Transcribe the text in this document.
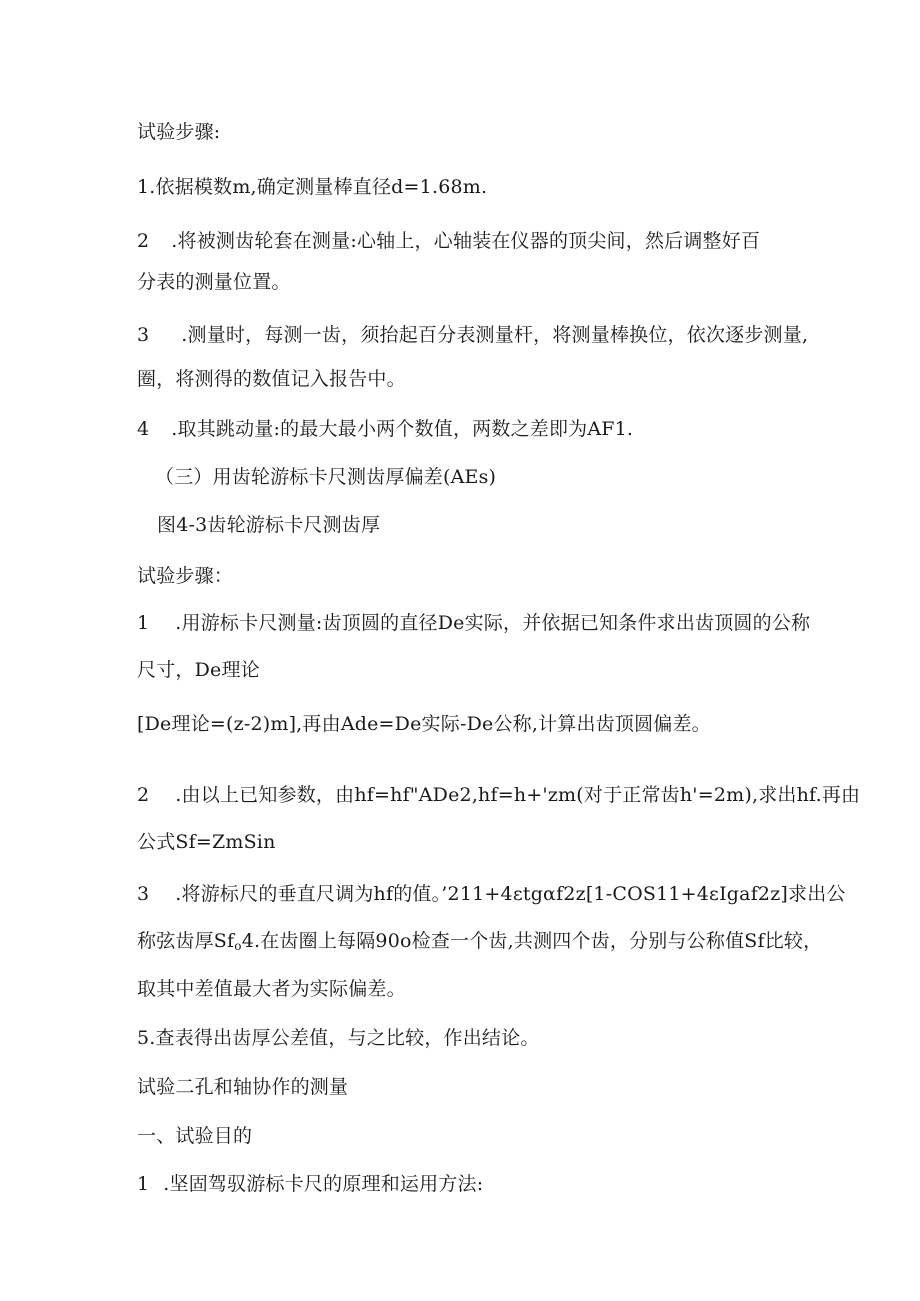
试验步骤:
1.依据模数m,确定测量棒直径d=1.68m.
2 .将被测齿轮套在测量:心轴上，心轴装在仪器的顶尖间，然后调整好百
分表的测量位置。
3 .测量时，每测一齿，须抬起百分表测量杆，将测量棒换位，依次逐步测量,
圈，将测得的数值记入报告中。
4 .取其跳动量:的最大最小两个数值，两数之差即为AF1.
（三）用齿轮游标卡尺测齿厚偏差(AEs)
图4-3齿轮游标卡尺测齿厚
试验步骤：
1 .用游标卡尺测量:齿顶圆的直径De实际，并依据已知条件求出齿顶圆的公称
尺寸，De理论
[De理论=(z-2)m],再由Ade=De实际-De公称,计算出齿顶圆偏差。
2 .由以上已知参数，由hf=hf"ADe2,hf=h+'zm(对于正常齿h'=2m),求出hf.再由
公式Sf=ZmSin
3 .将游标尺的垂直尺调为hf的值。’211+4εtgαf2z[1-COS11+4εIgaf2z]求出公
称弦齿厚$Sf_o4$.在齿圈上每隔90o检查一个齿,共测四个齿，分别与公称值Sf比较，
取其中差值最大者为实际偏差。
5.查表得出齿厚公差值，与之比较，作出结论。
试验二孔和轴协作的测量
一、试验目的
1 .坚固驾驭游标卡尺的原理和运用方法:
